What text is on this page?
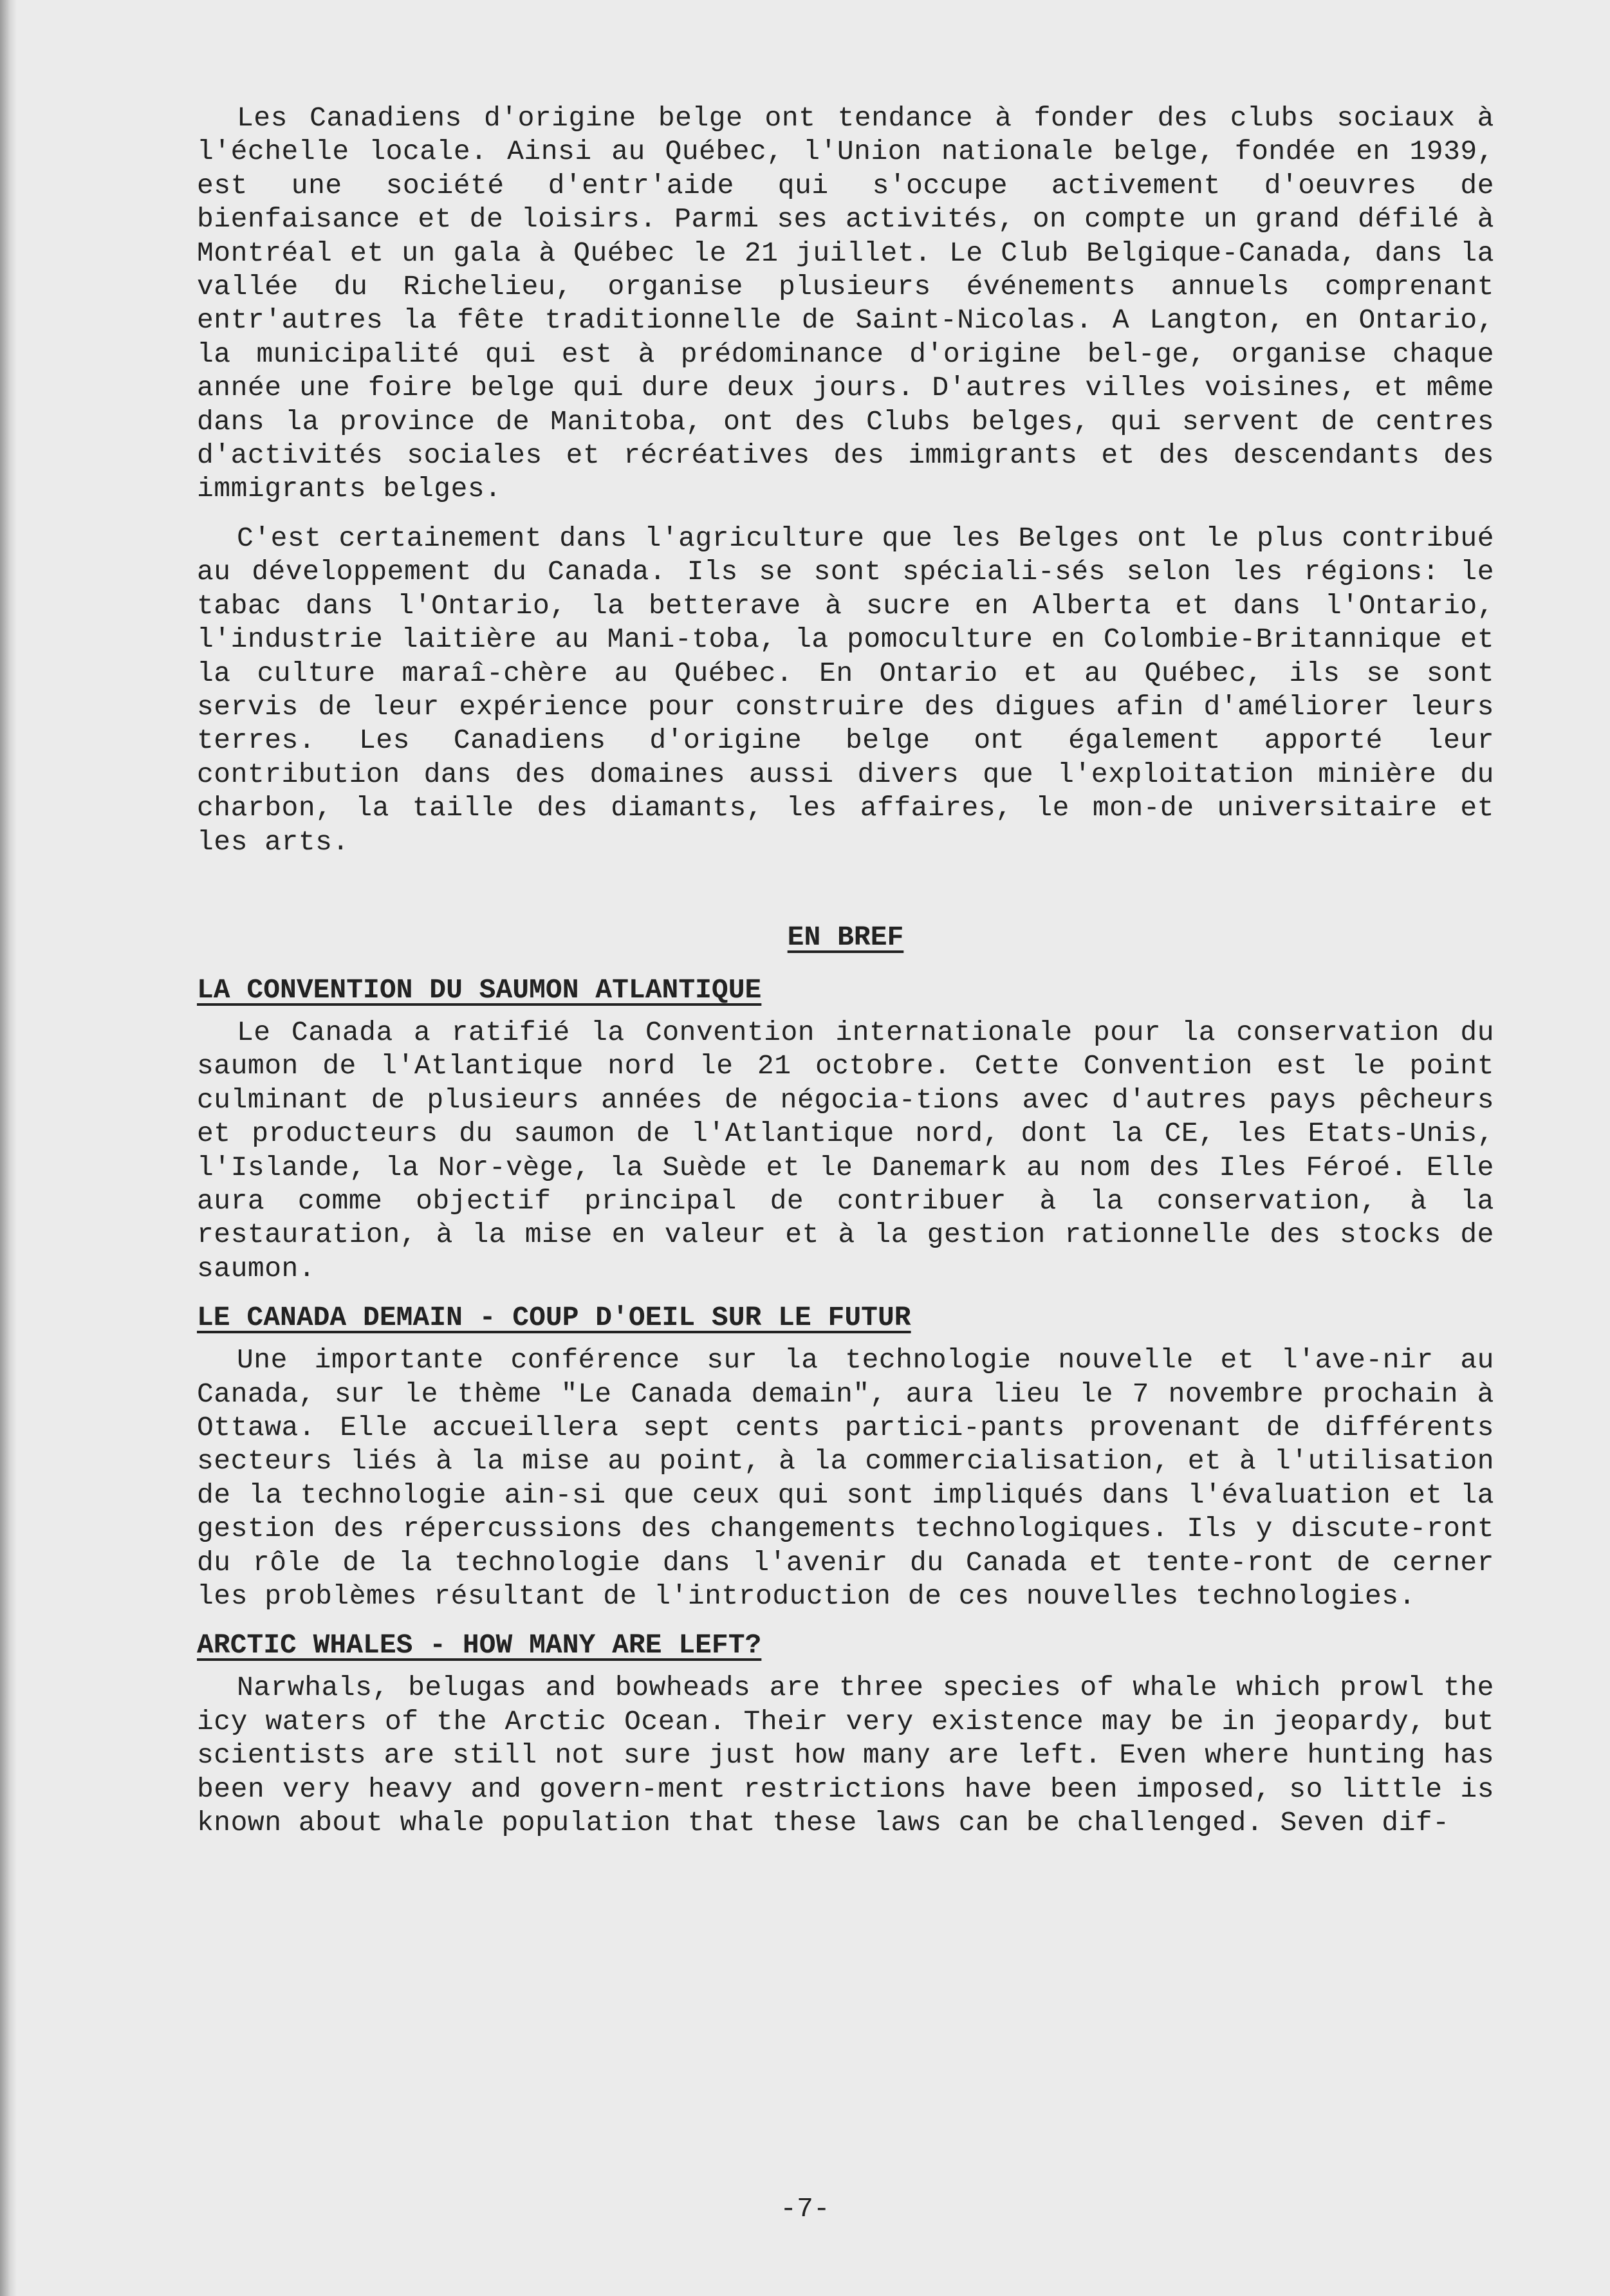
Les Canadiens d'origine belge ont tendance à fonder des clubs sociaux à l'échelle locale. Ainsi au Québec, l'Union nationale belge, fondée en 1939, est une société d'entr'aide qui s'occupe activement d'oeuvres de bienfaisance et de loisirs. Parmi ses activités, on compte un grand défilé à Montréal et un gala à Québec le 21 juillet. Le Club Belgique-Canada, dans la vallée du Richelieu, organise plusieurs événements annuels comprenant entr'autres la fête traditionnelle de Saint-Nicolas. A Langton, en Ontario, la municipalité qui est à prédominance d'origine bel-ge, organise chaque année une foire belge qui dure deux jours. D'autres villes voisines, et même dans la province de Manitoba, ont des Clubs belges, qui servent de centres d'activités sociales et récréatives des immigrants et des descendants des immigrants belges.

C'est certainement dans l'agriculture que les Belges ont le plus contribué au développement du Canada. Ils se sont spéciali-sés selon les régions: le tabac dans l'Ontario, la betterave à sucre en Alberta et dans l'Ontario, l'industrie laitière au Mani-toba, la pomoculture en Colombie-Britannique et la culture maraî-chère au Québec. En Ontario et au Québec, ils se sont servis de leur expérience pour construire des digues afin d'améliorer leurs terres. Les Canadiens d'origine belge ont également apporté leur contribution dans des domaines aussi divers que l'exploitation minière du charbon, la taille des diamants, les affaires, le mon-de universitaire et les arts.

EN BREF
LA CONVENTION DU SAUMON ATLANTIQUE

Le Canada a ratifié la Convention internationale pour la conservation du saumon de l'Atlantique nord le 21 octobre. Cette Convention est le point culminant de plusieurs années de négocia-tions avec d'autres pays pêcheurs et producteurs du saumon de l'Atlantique nord, dont la CE, les Etats-Unis, l'Islande, la Nor-vège, la Suède et le Danemark au nom des Iles Féroé. Elle aura comme objectif principal de contribuer à la conservation, à la restauration, à la mise en valeur et à la gestion rationnelle des stocks de saumon.

LE CANADA DEMAIN - COUP D'OEIL SUR LE FUTUR

Une importante conférence sur la technologie nouvelle et l'ave-nir au Canada, sur le thème "Le Canada demain", aura lieu le 7 novembre prochain à Ottawa. Elle accueillera sept cents partici-pants provenant de différents secteurs liés à la mise au point, à la commercialisation, et à l'utilisation de la technologie ain-si que ceux qui sont impliqués dans l'évaluation et la gestion des répercussions des changements technologiques. Ils y discute-ront du rôle de la technologie dans l'avenir du Canada et tente-ront de cerner les problèmes résultant de l'introduction de ces nouvelles technologies.

ARCTIC WHALES - HOW MANY ARE LEFT?

Narwhals, belugas and bowheads are three species of whale which prowl the icy waters of the Arctic Ocean. Their very existence may be in jeopardy, but scientists are still not sure just how many are left. Even where hunting has been very heavy and govern-ment restrictions have been imposed, so little is known about whale population that these laws can be challenged. Seven dif-

-7-
